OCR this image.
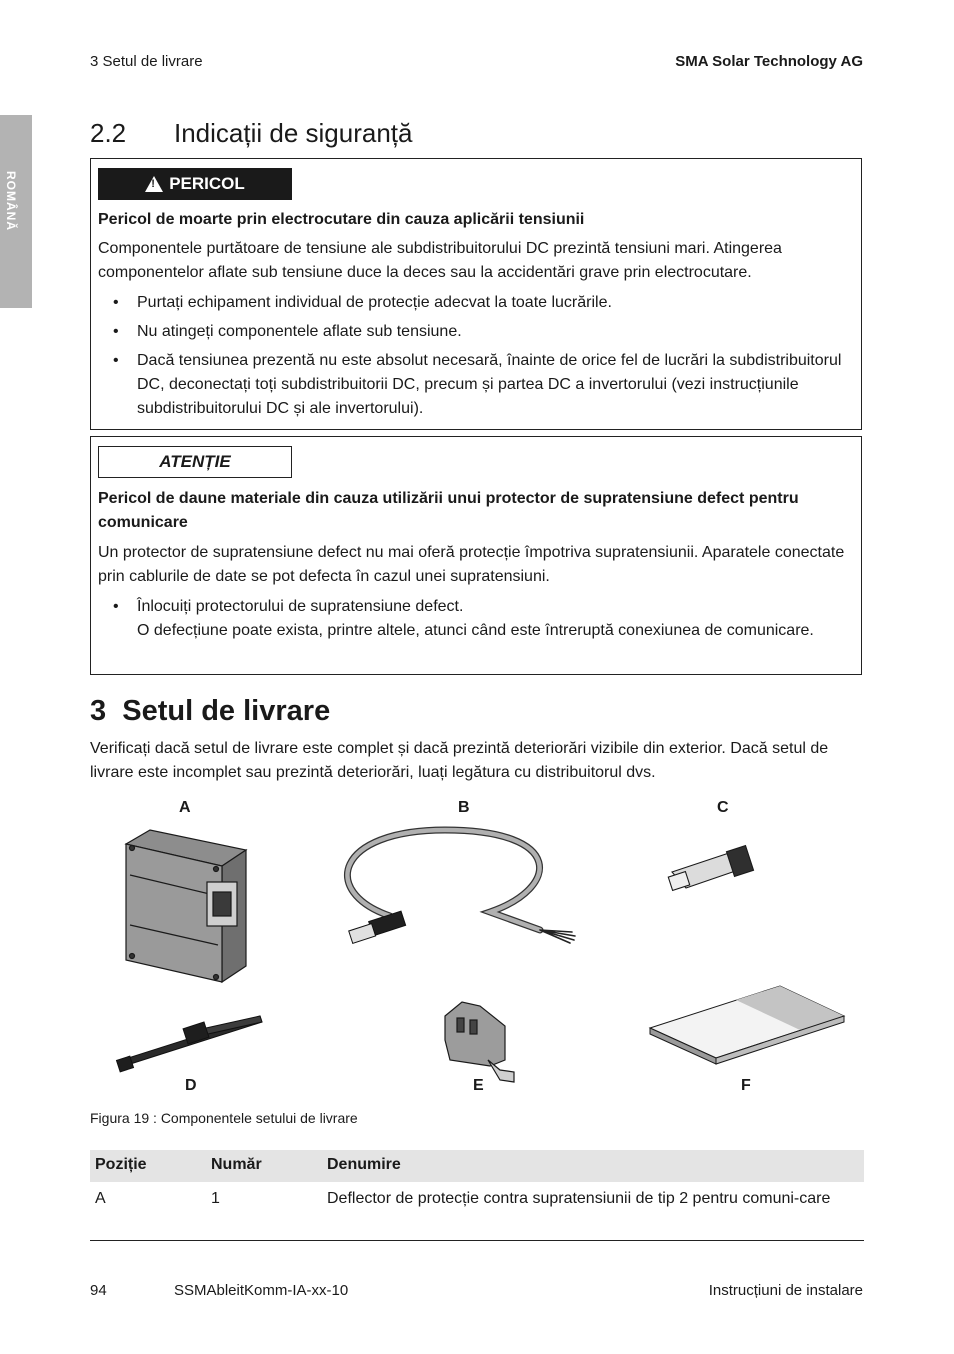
3 Setul de livrare	SMA Solar Technology AG
ROMÂNĂ
2.2 Indicații de siguranță
!
PERICOL
Pericol de moarte prin electrocutare din cauza aplicării tensiunii
Componentele purtătoare de tensiune ale subdistribuitorului DC prezintă tensiuni mari. Atingerea componentelor aflate sub tensiune duce la deces sau la accidentări grave prin electrocutare.
• Purtați echipament individual de protecție adecvat la toate lucrările.
• Nu atingeți componentele aflate sub tensiune.
• Dacă tensiunea prezentă nu este absolut necesară, înainte de orice fel de lucrări la subdistribuitorul DC, deconectați toți subdistribuitorii DC, precum și partea DC a invertorului (vezi instrucțiunile subdistribuitorului DC și ale invertorului).
ATENȚIE
Pericol de daune materiale din cauza utilizării unui protector de supratensiune defect pentru comunicare
Un protector de supratensiune defect nu mai oferă protecție împotriva supratensiunii. Aparatele conectate prin cablurile de date se pot defecta în cazul unei supratensiuni.
• Înlocuiți protectorului de supratensiune defect.
O defecțiune poate exista, printre altele, atunci când este întreruptă conexiunea de comunicare.
3 Setul de livrare
Verificați dacă setul de livrare este complet și dacă prezintă deteriorări vizibile din exterior. Dacă setul de livrare este incomplet sau prezintă deteriorări, luați legătura cu distribuitorul dvs.
A	B	C
D	E	F
Figura 19 : Componentele setului de livrare
Poziție	Număr	Denumire
A	1	Deflector de protecție contra supratensiunii de tip 2 pentru comuni-care
94	SSMAbleitKomm-IA-xx-10	Instrucțiuni de instalare
